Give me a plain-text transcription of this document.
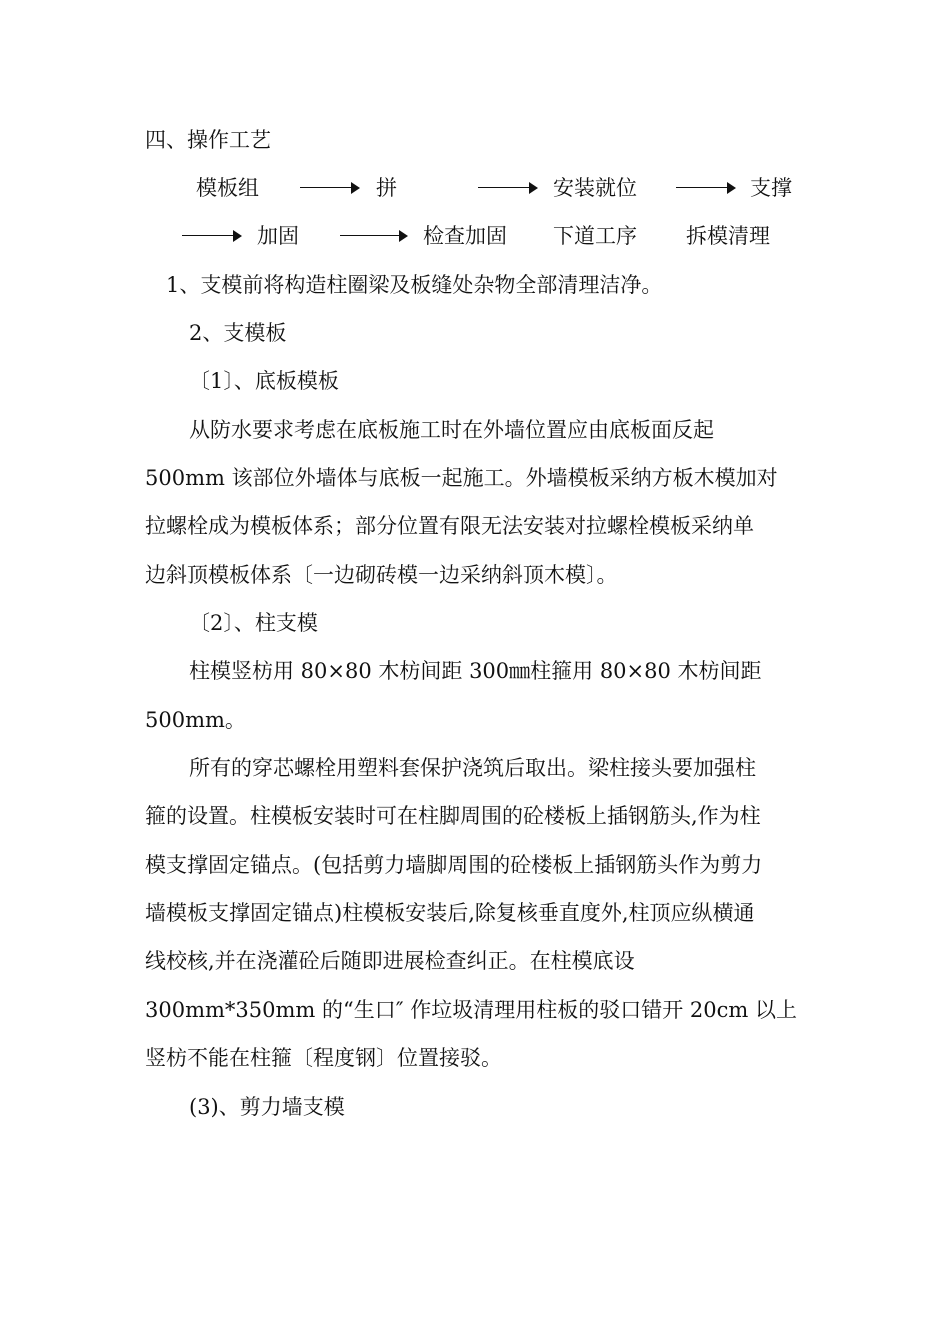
四、操作工艺
模板组	拼	安装就位	支撑
加固	检查加固 下道工序 拆模清理
1、支模前将构造柱圈梁及板缝处杂物全部清理洁净。
2、支模板
〔1〕、底板模板
从防水要求考虑在底板施工时在外墙位置应由底板面反起
500mm 该部位外墙体与底板一起施工。外墙模板采纳方板木模加对
拉螺栓成为模板体系；部分位置有限无法安装对拉螺栓模板采纳单
边斜顶模板体系〔一边砌砖模一边采纳斜顶木模〕。
〔2〕、柱支模
柱模竖枋用 80×80 木枋间距 300㎜柱箍用 80×80 木枋间距
500mm。
所有的穿芯螺栓用塑料套保护浇筑后取出。梁柱接头要加强柱
箍的设置。柱模板安装时可在柱脚周围的砼楼板上插钢筋头,作为柱
模支撑固定锚点。(包括剪力墙脚周围的砼楼板上插钢筋头作为剪力
墙模板支撑固定锚点)柱模板安装后,除复核垂直度外,柱顶应纵横通
线校核,并在浇灌砼后随即进展检查纠正。在柱模底设
300mm*350mm 的“生口″ 作垃圾清理用柱板的驳口错开 20cm 以上
竖枋不能在柱箍〔程度钢〕位置接驳。
(3)、剪力墙支模
